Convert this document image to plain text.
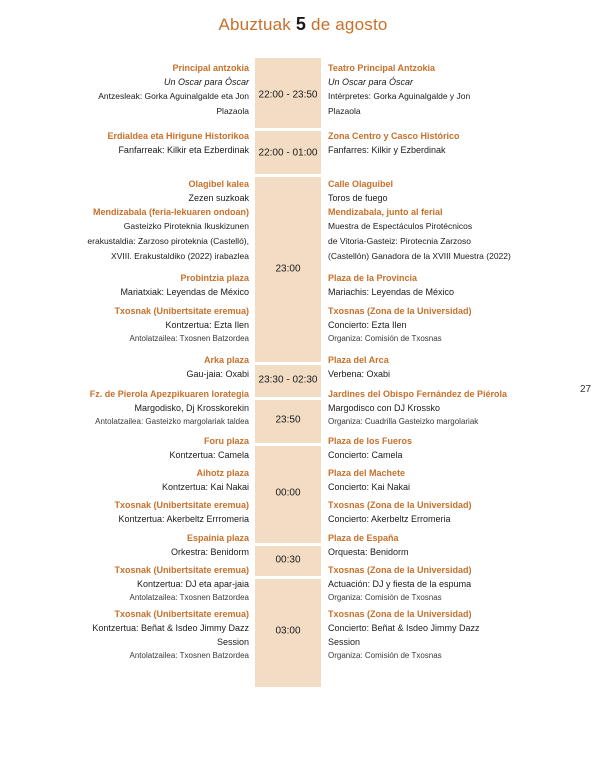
Abuztuak 5 de agosto
27
22:00 - 23:50
22:00 - 01:00
23:00
23:30 - 02:30
23:50
00:00
00:30
03:00
Principal antzokia
Un Oscar para Óscar
Antzesleak: Gorka Aguinalgalde eta Jon
Plazaola
Erdialdea eta Hirigune Historikoa
Fanfarreak: Kilkir eta Ezberdinak
Olagibel kalea
Zezen suzkoak
Mendizabala (feria-lekuaren ondoan)
Gasteizko Piroteknia Ikuskizunen
erakustaldia: Zarzoso piroteknia (Castelló),
XVIII. Erakustaldiko (2022) irabazlea
Probintzia plaza
Mariatxiak: Leyendas de México
Txosnak (Unibertsitate eremua)
Kontzertua: Ezta Ilen
Antolatzailea: Txosnen Batzordea
Arka plaza
Gau-jaia: Oxabi
Fz. de Pierola Apezpikuaren lorategia
Margodisko, Dj Krosskorekin
Antolatzailea: Gasteizko margolariak taldea
Foru plaza
Kontzertua: Camela
Aihotz plaza
Kontzertua: Kai Nakai
Txosnak (Unibertsitate eremua)
Kontzertua: Akerbeltz Errromeria
Espainia plaza
Orkestra: Benidorm
Txosnak (Unibertsitate eremua)
Kontzertua: DJ eta apar-jaia
Antolatzailea: Txosnen Batzordea
Txosnak (Unibertsitate eremua)
Kontzertua: Beñat & Isdeo Jimmy Dazz
Session
Antolatzailea: Txosnen Batzordea
Teatro Principal Antzokia
Un Oscar para Óscar
Intérpretes: Gorka Aguinalgalde y Jon
Plazaola
Zona Centro y Casco Histórico
Fanfarres: Kilkir y Ezberdinak
Calle Olaguibel
Toros de fuego
Mendizabala, junto al ferial
Muestra de Espectáculos Pirotécnicos
de Vitoria-Gasteiz: Pirotecnia Zarzoso
(Castellón) Ganadora de la XVIII Muestra (2022)
Plaza de la Provincia
Mariachis: Leyendas de México
Txosnas (Zona de la Universidad)
Concierto: Ezta Ilen
Organiza: Comisión de Txosnas
Plaza del Arca
Verbena: Oxabi
Jardines del Obispo Fernández de Piérola
Margodisco con DJ Krossko
Organiza: Cuadrilla Gasteizko margolariak
Plaza de los Fueros
Concierto: Camela
Plaza del Machete
Concierto: Kai Nakai
Txosnas (Zona de la Universidad)
Concierto: Akerbeltz Erromeria
Plaza de España
Orquesta: Benidorm
Txosnas (Zona de la Universidad)
Actuación: DJ y fiesta de la espuma
Organiza: Comisión de Txosnas
Txosnas (Zona de la Universidad)
Concierto: Beñat & Isdeo Jimmy Dazz
Session
Organiza: Comisión de Txosnas
